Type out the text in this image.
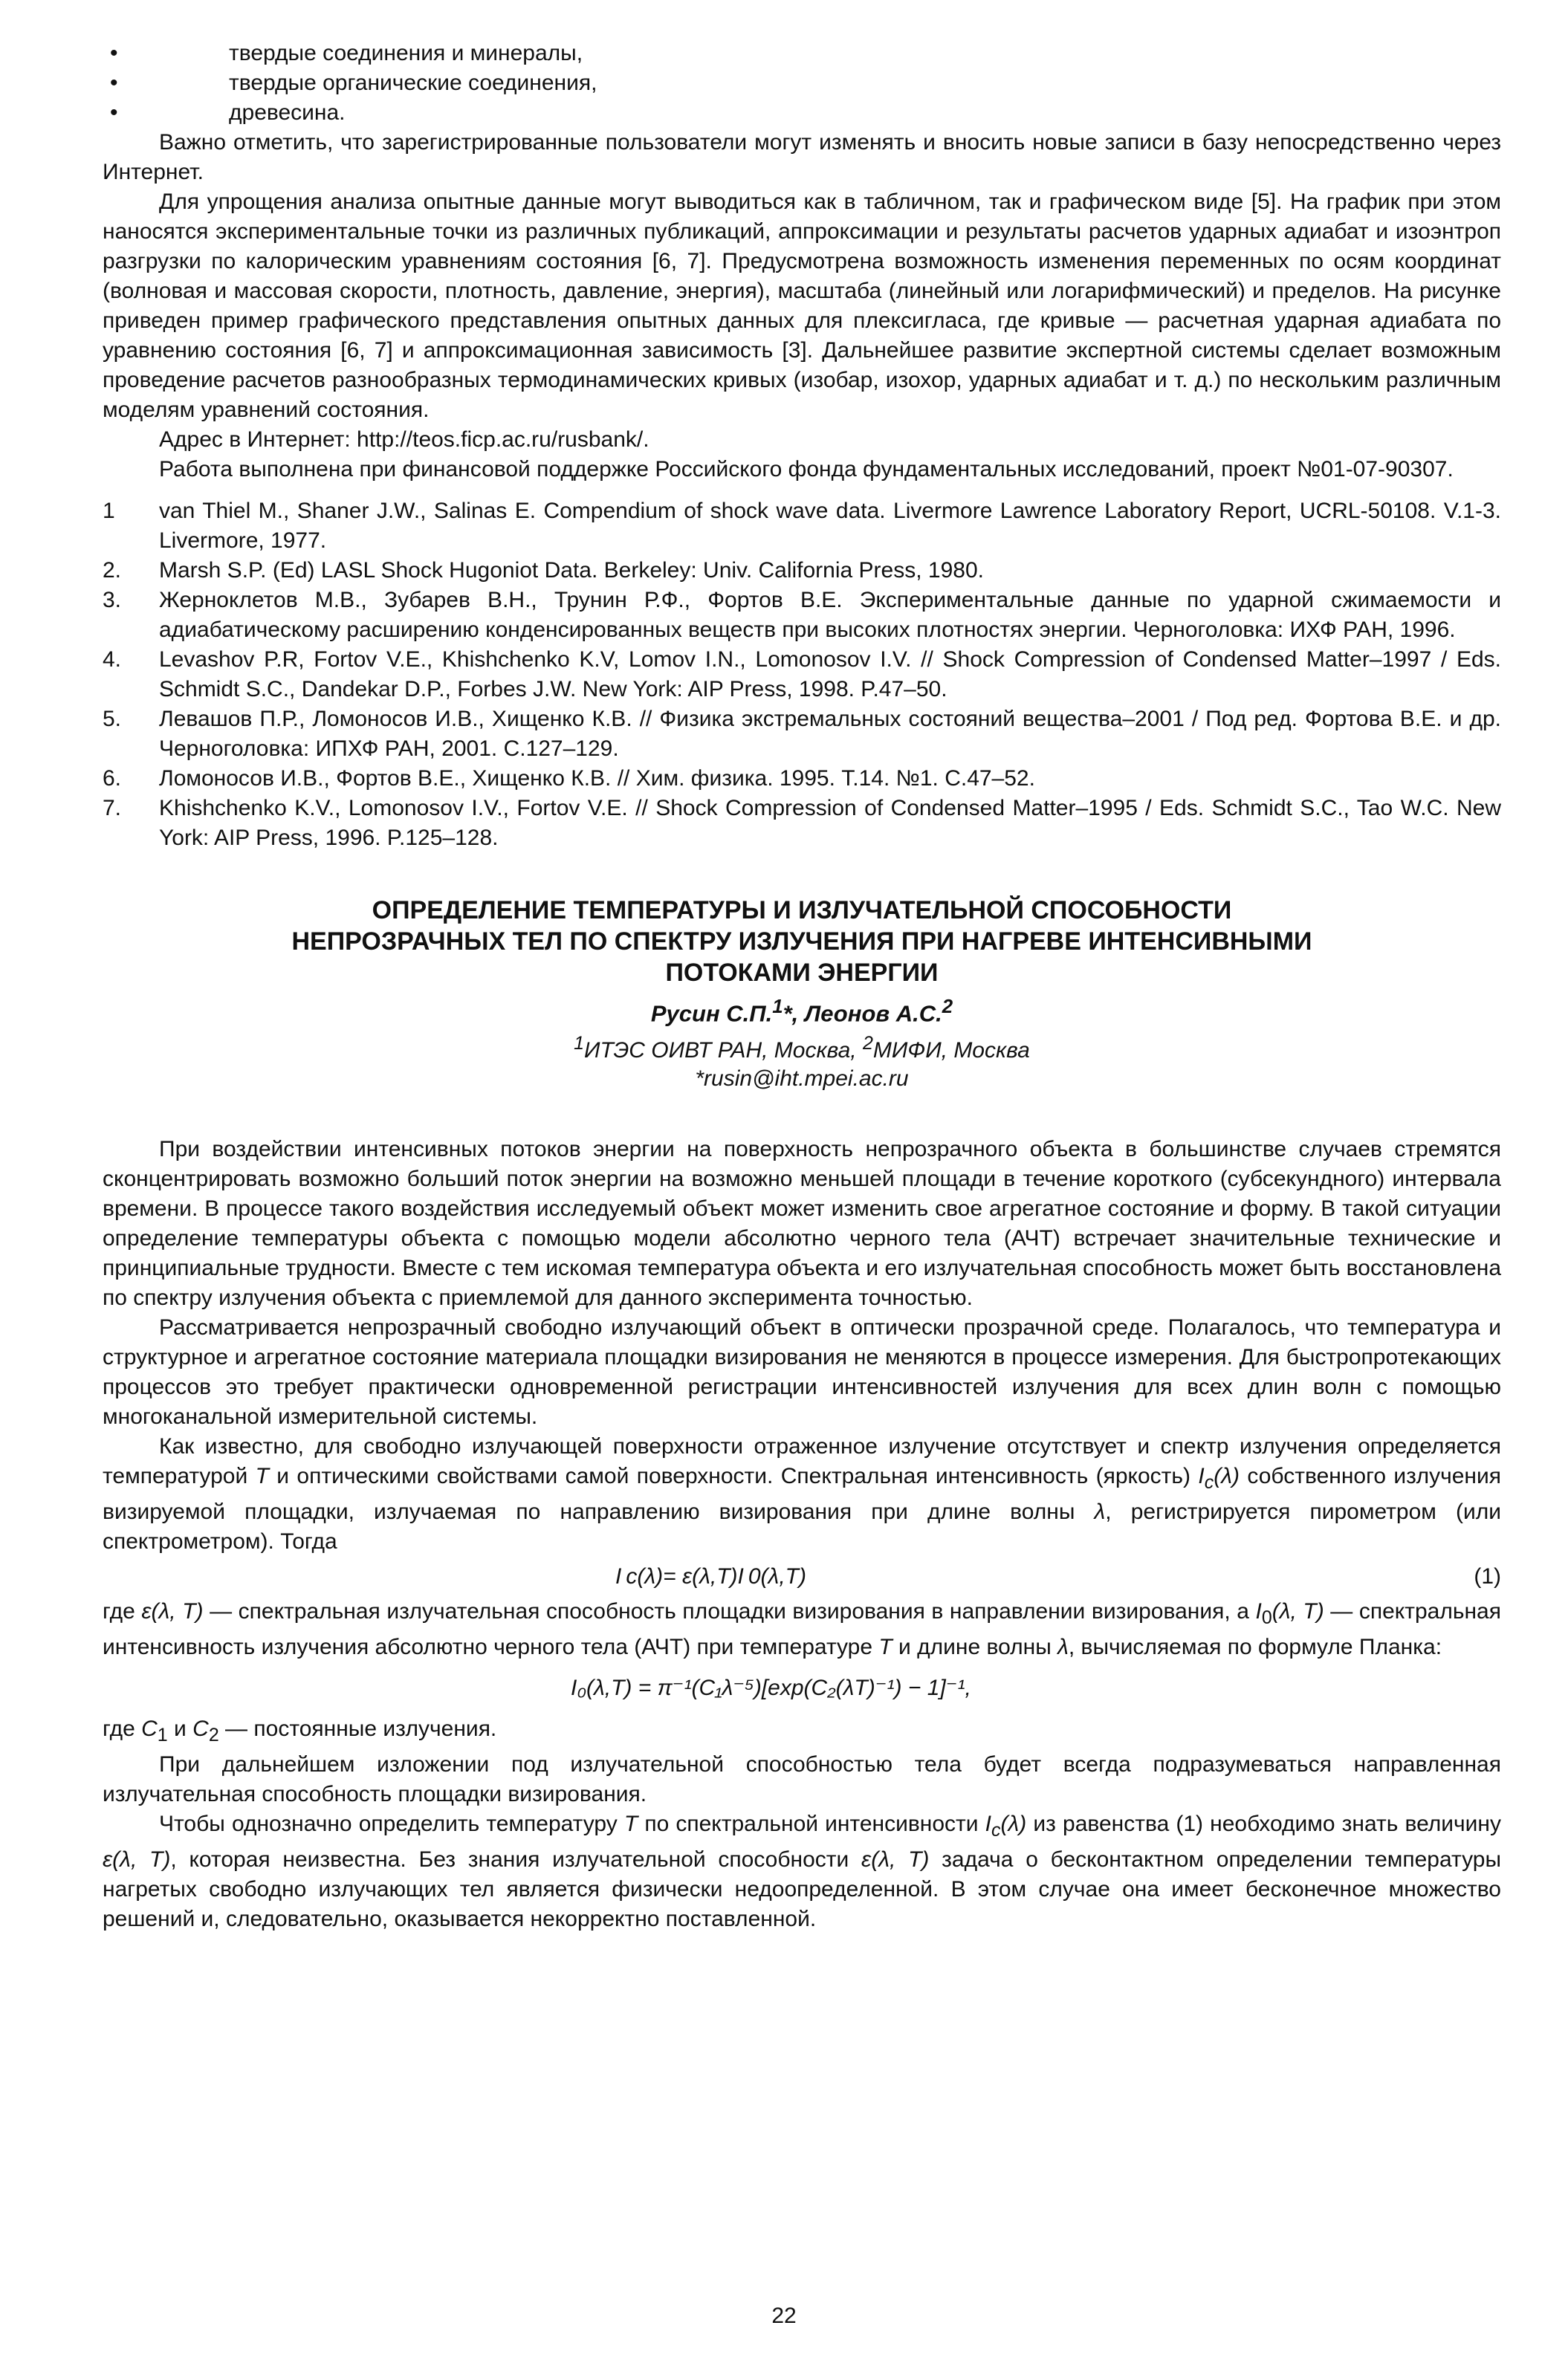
• твердые соединения и минералы,
• твердые органические соединения,
• древесина.

Важно отметить, что зарегистрированные пользователи могут изменять и вносить новые записи в базу непосредственно через Интернет.

Для упрощения анализа опытные данные могут выводиться как в табличном, так и графическом виде [5]. На график при этом наносятся экспериментальные точки из различных публикаций, аппроксимации и результаты расчетов ударных адиабат и изоэнтроп разгрузки по калорическим уравнениям состояния [6, 7]. Предусмотрена возможность изменения переменных по осям координат (волновая и массовая скорости, плотность, давление, энергия), масштаба (линейный или логарифмический) и пределов. На рисунке приведен пример графического представления опытных данных для плексигласа, где кривые — расчетная ударная адиабата по уравнению состояния [6, 7] и аппроксимационная зависимость [3]. Дальнейшее развитие экспертной системы сделает возможным проведение расчетов разнообразных термодинамических кривых (изобар, изохор, ударных адиабат и т. д.) по нескольким различным моделям уравнений состояния.

Адрес в Интернет: http://teos.ficp.ac.ru/rusbank/.

Работа выполнена при финансовой поддержке Российского фонда фундаментальных исследований, проект №01-07-90307.

1 van Thiel M., Shaner J.W., Salinas E. Compendium of shock wave data. Livermore Lawrence Laboratory Report, UCRL-50108. V.1-3. Livermore, 1977.
2. Marsh S.P. (Ed) LASL Shock Hugoniot Data. Berkeley: Univ. California Press, 1980.
3. Жерноклетов М.В., Зубарев В.Н., Трунин Р.Ф., Фортов В.Е. Экспериментальные данные по ударной сжимаемости и адиабатическому расширению конденсированных веществ при высоких плотностях энергии. Черноголовка: ИХФ РАН, 1996.
4. Levashov P.R, Fortov V.E., Khishchenko K.V, Lomov I.N., Lomonosov I.V. // Shock Compression of Condensed Matter–1997 / Eds. Schmidt S.C., Dandekar D.P., Forbes J.W. New York: AIP Press, 1998. P.47–50.
5. Левашов П.Р., Ломоносов И.В., Хищенко К.В. // Физика экстремальных состояний вещества–2001 / Под ред. Фортова В.Е. и др. Черноголовка: ИПХФ РАН, 2001. С.127–129.
6. Ломоносов И.В., Фортов В.Е., Хищенко К.В. // Хим. физика. 1995. Т.14. №1. С.47–52.
7. Khishchenko K.V., Lomonosov I.V., Fortov V.E. // Shock Compression of Condensed Matter–1995 / Eds. Schmidt S.C., Tao W.C. New York: AIP Press, 1996. P.125–128.
ОПРЕДЕЛЕНИЕ ТЕМПЕРАТУРЫ И ИЗЛУЧАТЕЛЬНОЙ СПОСОБНОСТИ НЕПРОЗРАЧНЫХ ТЕЛ ПО СПЕКТРУ ИЗЛУЧЕНИЯ ПРИ НАГРЕВЕ ИНТЕНСИВНЫМИ ПОТОКАМИ ЭНЕРГИИ
Русин С.П.$^1$*, Леонов А.С.$^2$
$^1$ИТЭС ОИВТ РАН, Москва, $^2$МИФИ, Москва
*rusin@iht.mpei.ac.ru

При воздействии интенсивных потоков энергии на поверхность непрозрачного объекта в большинстве случаев стремятся сконцентрировать возможно больший поток энергии на возможно меньшей площади в течение короткого (субсекундного) интервала времени. В процессе такого воздействия исследуемый объект может изменить свое агрегатное состояние и форму. В такой ситуации определение температуры объекта с помощью модели абсолютно черного тела (АЧТ) встречает значительные технические и принципиальные трудности. Вместе с тем искомая температура объекта и его излучательная способность может быть восстановлена по спектру излучения объекта с приемлемой для данного эксперимента точностью.

Рассматривается непрозрачный свободно излучающий объект в оптически прозрачной среде. Полагалось, что температура и структурное и агрегатное состояние материала площадки визирования не меняются в процессе измерения. Для быстропротекающих процессов это требует практически одновременной регистрации интенсивностей излучения для всех длин волн с помощью многоканальной измерительной системы.

Как известно, для свободно излучающей поверхности отраженное излучение отсутствует и спектр излучения определяется температурой T и оптическими свойствами самой поверхности. Спектральная интенсивность (яркость) $I_c(\lambda)$ собственного излучения визируемой площадки, излучаемая по направлению визирования при длине волны λ, регистрируется пирометром (или спектрометром). Тогда

I c(λ)= ε(λ,T)I 0(λ,T)	(1)

где ε(λ, T) — спектральная излучательная способность площадки визирования в направлении визирования, а $I_0(\lambda$, T) — спектральная интенсивность излучения абсолютно черного тела (АЧТ) при температуре T и длине волны λ, вычисляемая по формуле Планка:

I₀(λ,T) = π⁻¹(C₁λ⁻⁵)[exp(C₂(λT)⁻¹) − 1]⁻¹,

где $C_1$ и $C_2$ — постоянные излучения.

При дальнейшем изложении под излучательной способностью тела будет всегда подразумеваться направленная излучательная способность площадки визирования.

Чтобы однозначно определить температуру T по спектральной интенсивности $I_c(\lambda)$ из равенства (1) необходимо знать величину ε(λ, T), которая неизвестна. Без знания излучательной способности ε(λ, T) задача о бесконтактном определении температуры нагретых свободно излучающих тел является физически недоопределенной. В этом случае она имеет бесконечное множество решений и, следовательно, оказывается некорректно поставленной.

22
